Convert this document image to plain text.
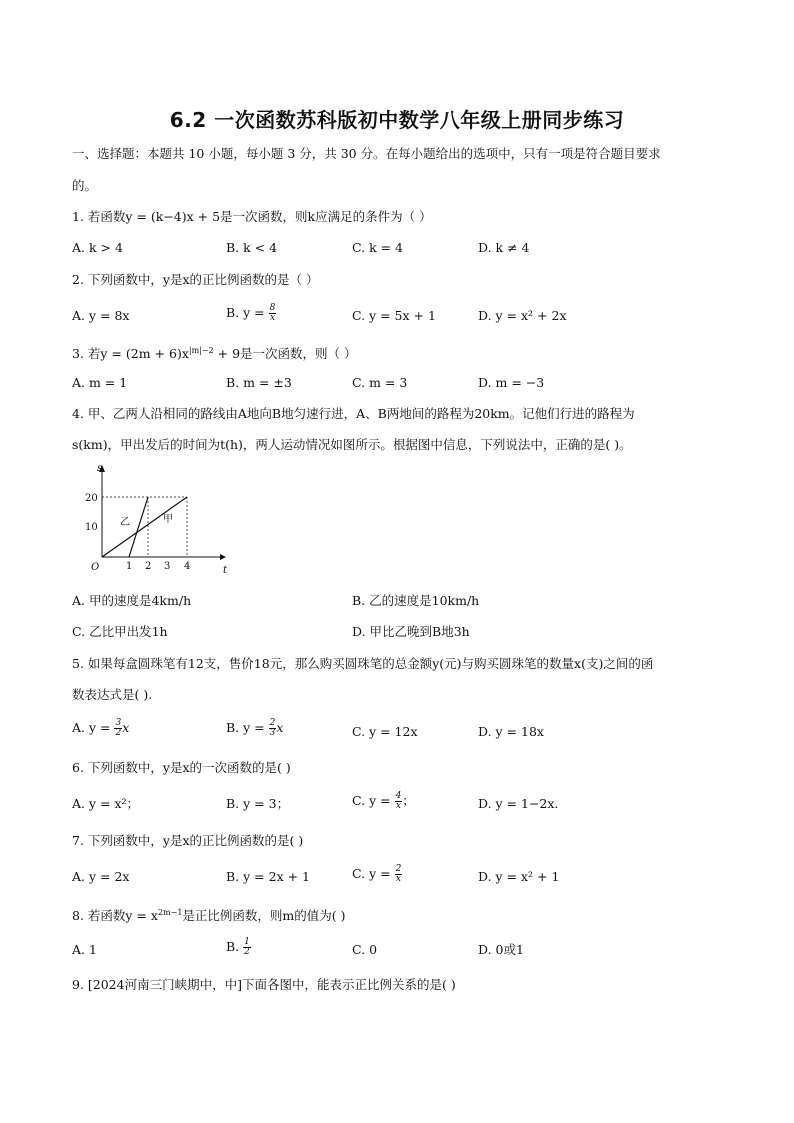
6.2 一次函数苏科版初中数学八年级上册同步练习
一、选择题：本题共 10 小题，每小题 3 分，共 30 分。在每小题给出的选项中，只有一项是符合题目要求
的。
1. 若函数y = (k−4)x + 5是一次函数，则k应满足的条件为（ ）
A. k > 4	B. k < 4	C. k = 4	D. k ≠ 4
2. 下列函数中，y是x的正比例函数的是（ ）
A. y = 8x	B. $y = \frac{8}{x}$	C. y = 5x + 1	D. y = x² + 2x
3. 若$y = (2m + 6)x^{|m|-2} + 9$是一次函数，则（ ）
A. m = 1	B. m = ±3	C. m = 3	D. m = −3
4. 甲、乙两人沿相同的路线由A地向B地匀速行进，A、B两地间的路程为20km。记他们行进的路程为
s(km)，甲出发后的时间为t(h)，两人运动情况如图所示。根据图中信息，下列说法中，正确的是( )。
s
t
O
20
10
1 2 3 4
甲
乙
A. 甲的速度是4km/h	B. 乙的速度是10km/h
C. 乙比甲出发1h	D. 甲比乙晚到B地3h
5. 如果每盒圆珠笔有12支，售价18元，那么购买圆珠笔的总金额y(元)与购买圆珠笔的数量x(支)之间的函
数表达式是( ).
A. $y = \frac{3}{2}$ x	B. $y = \frac{2}{3}$ x	C. y = 12x	D. y = 18x
6. 下列函数中，y是x的一次函数的是( )
A. y = x²；	B. y = 3；	C. $y = \frac{4}{x}$ ；	D. y = 1−2x.
7. 下列函数中，y是x的正比例函数的是( )
A. y = 2x	B. y = 2x + 1	C. $y = \frac{2}{x}$	D. y = x² + 1
8. 若函数$y = x^{2m-1}$是正比例函数，则m的值为( )
A. 1	B. $\frac{1}{2}$	C. 0	D. 0或1
9. [2024河南三门峡期中，中]下面各图中，能表示正比例关系的是( )
